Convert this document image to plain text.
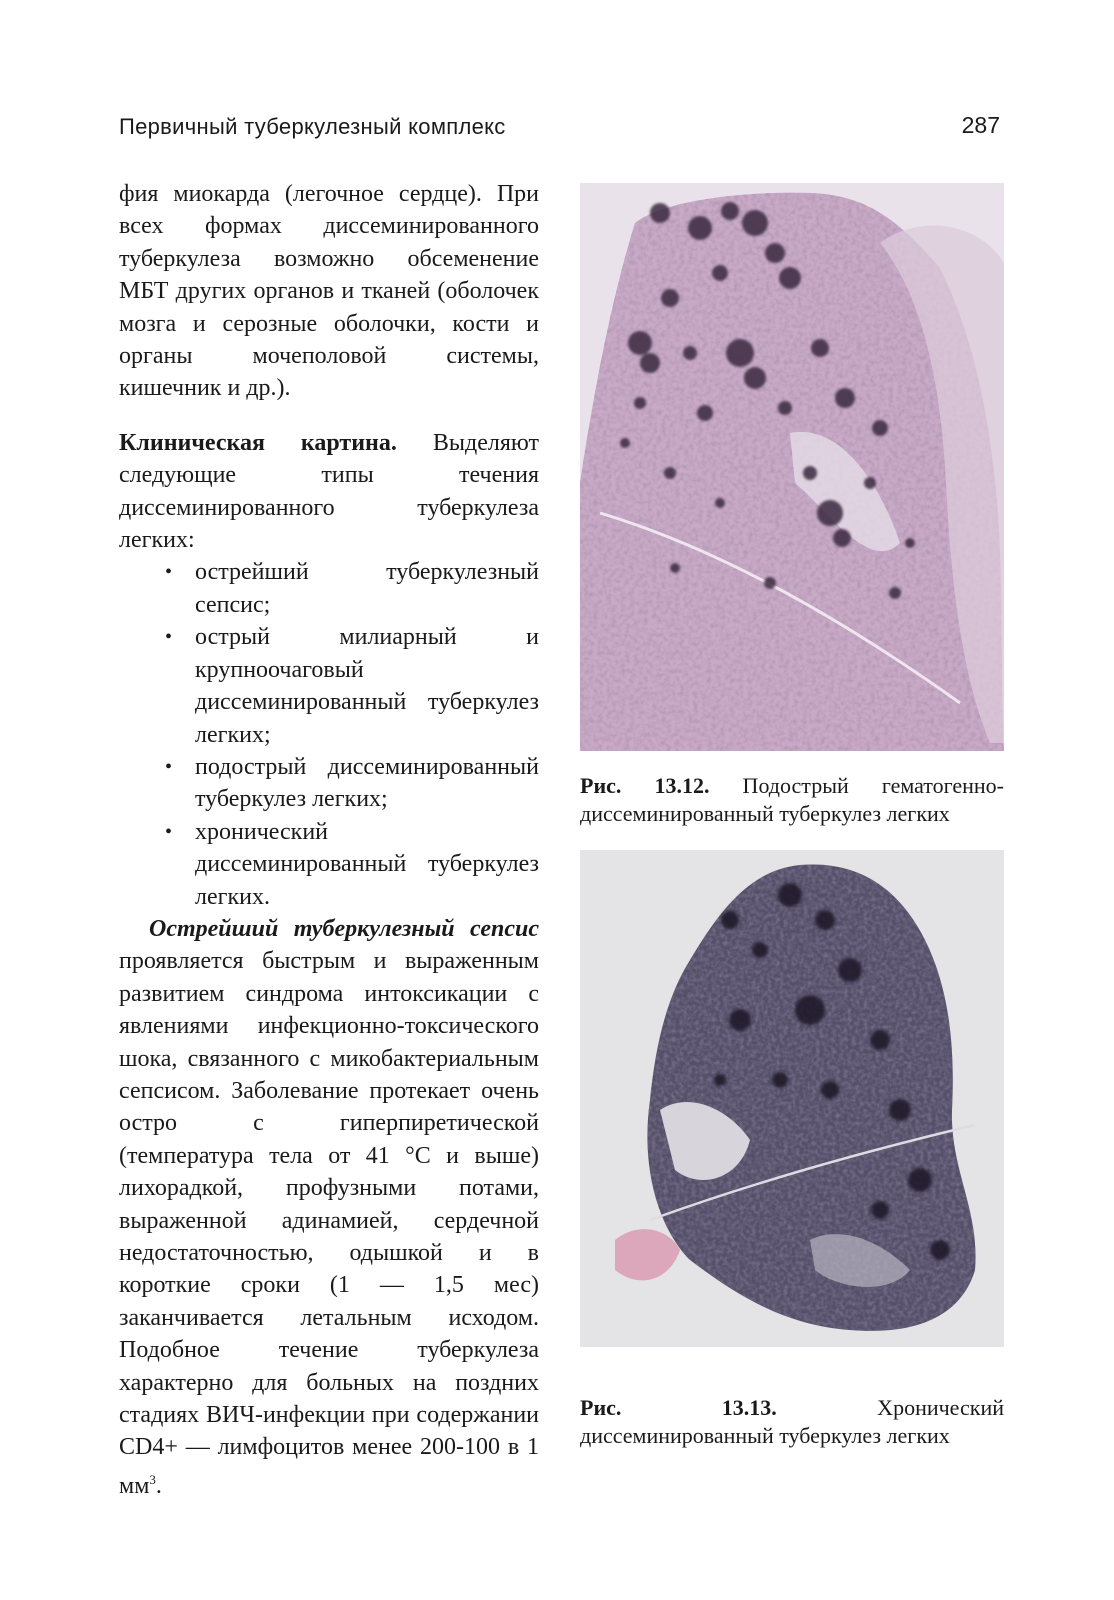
Первичный туберкулезный комплекс	287

фия миокарда (легочное сердце). При всех формах диссеминированного туберкулеза возможно обсеменение МБТ других органов и тканей (оболочек мозга и серозные оболочки, кости и органы мочеполовой системы, кишечник и др.).

Клиническая картина. Выделяют следующие типы течения диссеминированного туберкулеза легких:

• острейший туберкулезный сепсис;
• острый милиарный и крупноочаговый диссеминированный туберкулез легких;
• подострый диссеминированный туберкулез легких;
• хронический диссеминированный туберкулез легких.

Острейший туберкулезный сепсис проявляется быстрым и выраженным развитием синдрома интоксикации с явлениями инфекционно-токсического шока, связанного с микобактериальным сепсисом. Заболевание протекает очень остро с гиперпиретической (температура тела от 41 °С и выше) лихорадкой, профузными потами, выраженной адинамией, сердечной недостаточностью, одышкой и в короткие сроки (1 — 1,5 мес) заканчивается летальным исходом. Подобное течение туберкулеза характерно для больных на поздних стадиях ВИЧ-инфекции при содержании CD4+ — лимфоцитов менее 200-100 в 1 $мм^3$.

Рис. 13.12. Подострый гематогенно-диссеминированный туберкулез легких
Рис. 13.13. Хронический диссеминированный туберкулез легких
